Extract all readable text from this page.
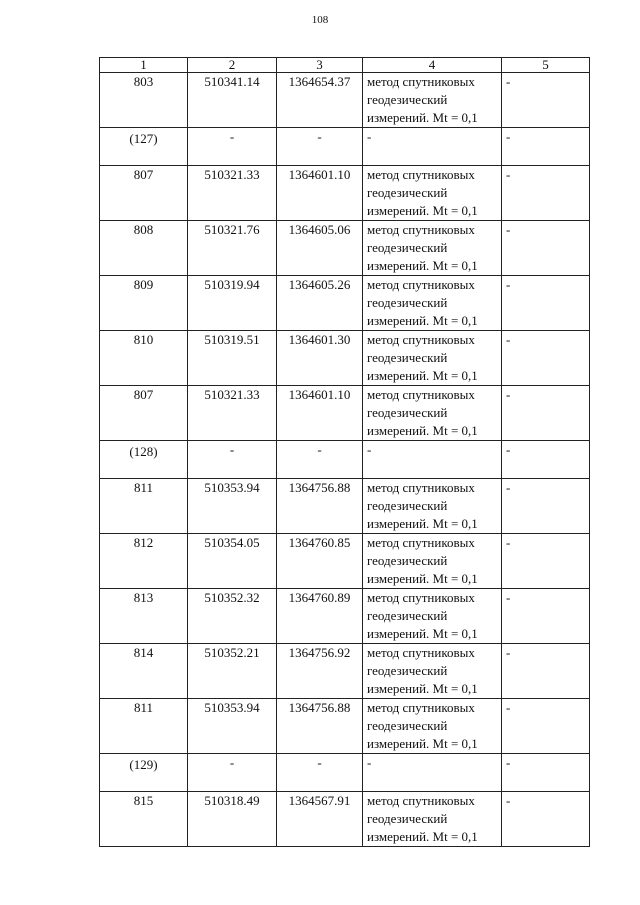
108
1	2	3	4	5
803	510341.14	1364654.37	метод спутниковых геодезический измерений. Mt = 0,1	-
(127)	-	-	-	-
807	510321.33	1364601.10	метод спутниковых геодезический измерений. Mt = 0,1	-
808	510321.76	1364605.06	метод спутниковых геодезический измерений. Mt = 0,1	-
809	510319.94	1364605.26	метод спутниковых геодезический измерений. Mt = 0,1	-
810	510319.51	1364601.30	метод спутниковых геодезический измерений. Mt = 0,1	-
807	510321.33	1364601.10	метод спутниковых геодезический измерений. Mt = 0,1	-
(128)	-	-	-	-
811	510353.94	1364756.88	метод спутниковых геодезический измерений. Mt = 0,1	-
812	510354.05	1364760.85	метод спутниковых геодезический измерений. Mt = 0,1	-
813	510352.32	1364760.89	метод спутниковых геодезический измерений. Mt = 0,1	-
814	510352.21	1364756.92	метод спутниковых геодезический измерений. Mt = 0,1	-
811	510353.94	1364756.88	метод спутниковых геодезический измерений. Mt = 0,1	-
(129)	-	-	-	-
815	510318.49	1364567.91	метод спутниковых геодезический измерений. Mt = 0,1	-
